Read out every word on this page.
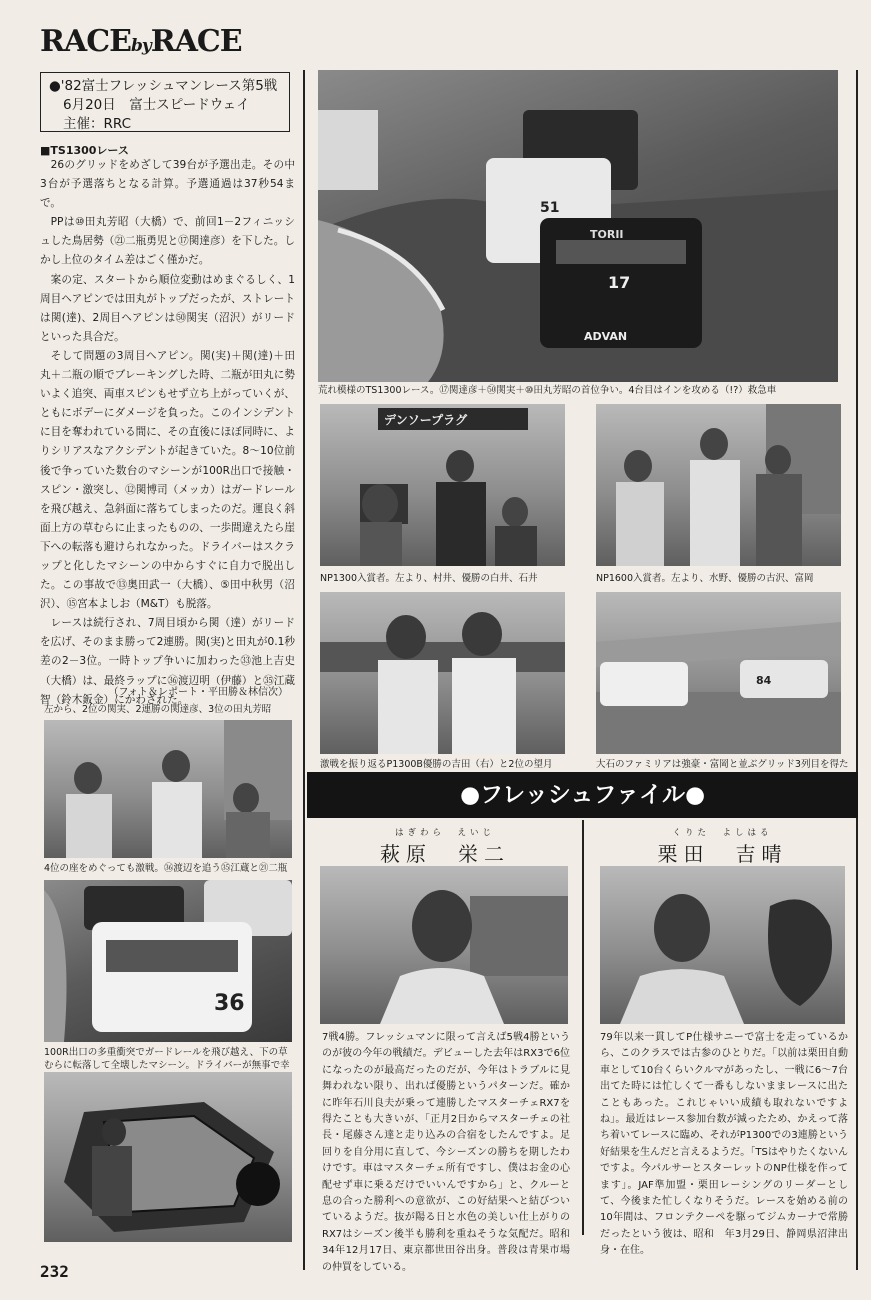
RACEbyRACE
●'82富士フレッシュマンレース第5戦
6月20日　富士スピードウェイ
主催：RRC
■TS1300レース

26のグリッドをめざして39台が予選出走。その中3台が予選落ちとなる計算。予選通過は37秒54まで。

PPは⑩田丸芳昭（大橋）で、前回1－2フィニッシュした鳥居勢（㉑二瓶勇児と⑰関達彦）を下した。しかし上位のタイム差はごく僅かだ。

案の定、スタートから順位変動はめまぐるしく、1周目ヘアピンでは田丸がトップだったが、ストレートは関(達)、2周目ヘアピンは㊿関実（沼沢）がリードといった具合だ。

そして問題の3周目ヘアピン。関(実)＋関(達)＋田丸＋二瓶の順でブレーキングした時、二瓶が田丸に勢いよく追突、両車スピンもせず立ち上がっていくが、ともにボデーにダメージを負った。このインシデントに目を奪われている間に、その直後にほぼ同時に、よりシリアスなアクシデントが起きていた。8～10位前後で争っていた数台のマシーンが100R出口で接触・スピン・激突し、⑫関博司（メッカ）はガードレールを飛び越え、急斜面に落ちてしまったのだ。運良く斜面上方の草むらに止まったものの、一歩間違えたら崖下への転落も避けられなかった。ドライバーはスクラップと化したマシーンの中からすぐに自力で脱出した。この事故で⑬奥田武一（大橋）、⑤田中秋男（沼沢）、⑮宮本よしお（M&T）も脱落。

レースは続行され、7周目頃から関（達）がリードを広げ、そのまま勝って2連勝。関(実)と田丸が0.1秒差の2－3位。一時トップ争いに加わった㉝池上吉史（大橋）は、最終ラップに㊱渡辺明（伊藤）と㉟江蔵智（鈴木鈑金）にかわされた。

（フォト＆レポート・平田勝＆林信次）
51
17
ADVAN
TORII
荒れ模様のTS1300レース。⑰関達彦＋㊿関実＋⑩田丸芳昭の首位争い。4台目はインを攻める（!?）救急車
デンソープラグ
NP1300入賞者。左より、村井、優勝の白井、石井	NP1600入賞者。左より、水野、優勝の古沢、富岡
激戦を振り返るP1300B優勝の吉田（右）と2位の望月
84
大石のファミリアは強豪・富岡と並ぶグリッド3列目を得た
左から、2位の関実、2連勝の関達彦、3位の田丸芳昭
4位の座をめぐっても激戦。㊱渡辺を追う㉟江蔵と㉑二瓶
36
100R出口の多重衝突でガードレールを飛び越え、下の草むらに転落して全壊したマシーン。ドライバーが無事で幸
●フレッシュファイル●
はぎわら　えいじ
萩原　栄二
7戦4勝。フレッシュマンに限って言えば5戦4勝というのが彼の今年の戦績だ。デビューした去年はRX3で6位になったのが最高だったのだが、今年はトラブルに見舞われない限り、出れば優勝というパターンだ。確かに昨年石川良夫が乗って連勝したマスターチェRX7を得たことも大きいが、「正月2日からマスターチェの社長・尾藤さん達と走り込みの合宿をしたんですよ。足回りを自分用に直して、今シーズンの勝ちを期したわけです。車はマスターチェ所有ですし、僕はお金の心配せず車に乗るだけでいいんですから」と、クルーと息の合った勝利への意欲が、この好結果へと結びついているようだ。抜が陽る日と水色の美しい仕上がりのRX7はシーズン後半も勝利を重ねそうな気配だ。昭和34年12月17日、東京都世田谷出身。普段は青果市場の仲買をしている。
くりた　よしはる
栗田　吉晴
79年以来一貫してP仕様サニーで富士を走っているから、このクラスでは古参のひとりだ。「以前は栗田自動車として10台くらいクルマがあったし、一戦に6～7台出てた時には忙しくて一番もしないままレースに出たこともあった。これじゃいい成績も取れないですよね」。最近はレース参加台数が減ったため、かえって落ち着いてレースに臨め、それがP1300での3連勝という好結果を生んだと言えるようだ。「TSはやりたくないんですよ。今パルサーとスターレットのNP仕様を作ってます」。JAF準加盟・栗田レーシングのリーダーとして、今後また忙しくなりそうだ。レースを始める前の10年間は、フロンテクーペを駆ってジムカーナで常勝だったという彼は、昭和　年3月29日、静岡県沼津出身・在住。
232
